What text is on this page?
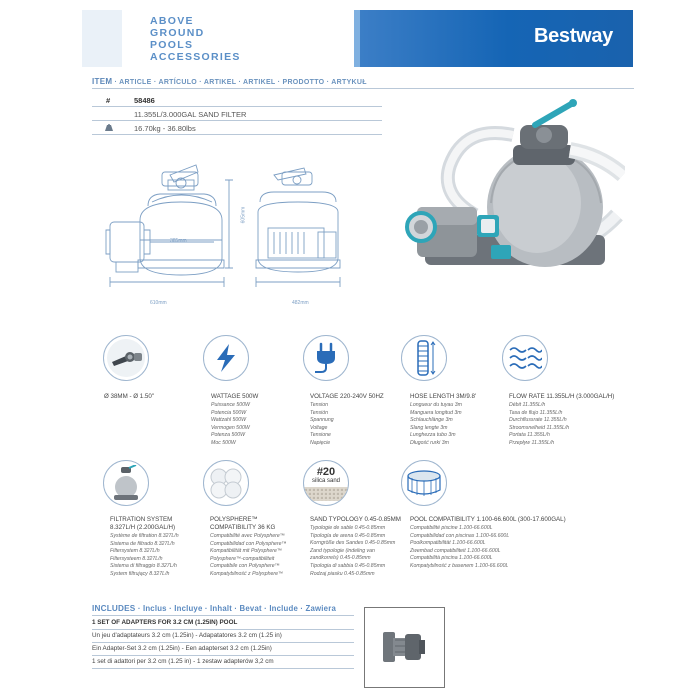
ABOVE
GROUND
POOLS
ACCESSORIES
Bestway
ITEM · ARTICLE · ARTÍCULO · ARTIKEL · ARTIKEL · PRODOTTO · ARTYKUŁ
#	58486
11.355L/3.000GAL SAND FILTER
16.70kg - 36.80lbs
605mm
385mm
610mm	482mm
Ø 38MM - Ø 1.50"	WATTAGE 500W
Puissance 500W
Potencia 500W
Wattzahl 500W
Vermogen 500W
Potenza 500W
Moc 500W
VOLTAGE 220-240V 50HZ
Tension
Tensión
Spannung
Voltage
Tensione
Napięcie
HOSE LENGTH 3M/9.8'
Longueur du tuyau 3m
Manguera longitud 3m
Schlauchlänge 3m
Slang lengte 3m
Lunghezza tubo 3m
Długość rurki 3m
FLOW RATE 11.355L/H (3.000GAL/H)
Débit 11.355L/h
Tasa de flujo 11.355L/h
Durchflussrate 11.355L/h
Stroomsnelheid 11.355L/h
Portata 11.355L/h
Przepływ 11.355L/h
FILTRATION SYSTEM
8.327L/H (2.200GAL/H)
Système de filtration 8.327L/h
Sistema de filtrado 8.327L/h
Filtersystem 8.327L/h
Filtersysteem 8.327L/h
Sistema di filtraggio 8.327L/h
System filtrujący 8.327L/h
POLYSPHERE™
COMPATIBILITY 36 KG
Compatibilité avec Polysphere™
Compatibilidad con Polysphere™
Kompatibilität mit Polysphere™
Polysphere™-compatibiliteit
Compatibile con Polysphere™
Kompatybilność z Polysphere™
#20
silica sand
SAND TYPOLOGY 0.45-0.85MM
Typologie de sable 0.45-0.85mm
Tipología de arena 0.45-0.85mm
Korngröße des Sandes 0.45-0.85mm
Zand typologie (indeling van
zandkorrels) 0.45-0.85mm
Tipologia di sabbia 0.45-0.85mm
Rodzaj piasku 0.45-0.85mm
POOL COMPATIBILITY 1.100-66.600L (300-17.600GAL)
Compatibilité piscine 1.100-66.600L
Compatibilidad con piscinas 1.100-66.600L
Poolkompatibilität 1.100-66.600L
Zwembad compatibiliteit 1.100-66.600L
Compatibilità piscina 1.100-66.600L
Kompatybilność z basenem 1.100-66.600L
INCLUDES · Inclus · Incluye · Inhalt · Bevat · Include · Zawiera
1 SET OF ADAPTERS FOR 3.2 CM (1.25IN) POOL
Un jeu d'adaptateurs 3.2 cm (1.25in) - Adapatatores 3.2 cm (1.25 in)
Ein Adapter-Set 3.2 cm (1.25in) - Een adapterset 3.2 cm (1.25in)
1 set di adattori per 3.2 cm (1.25 in) - 1 zestaw adapterów 3,2 cm
